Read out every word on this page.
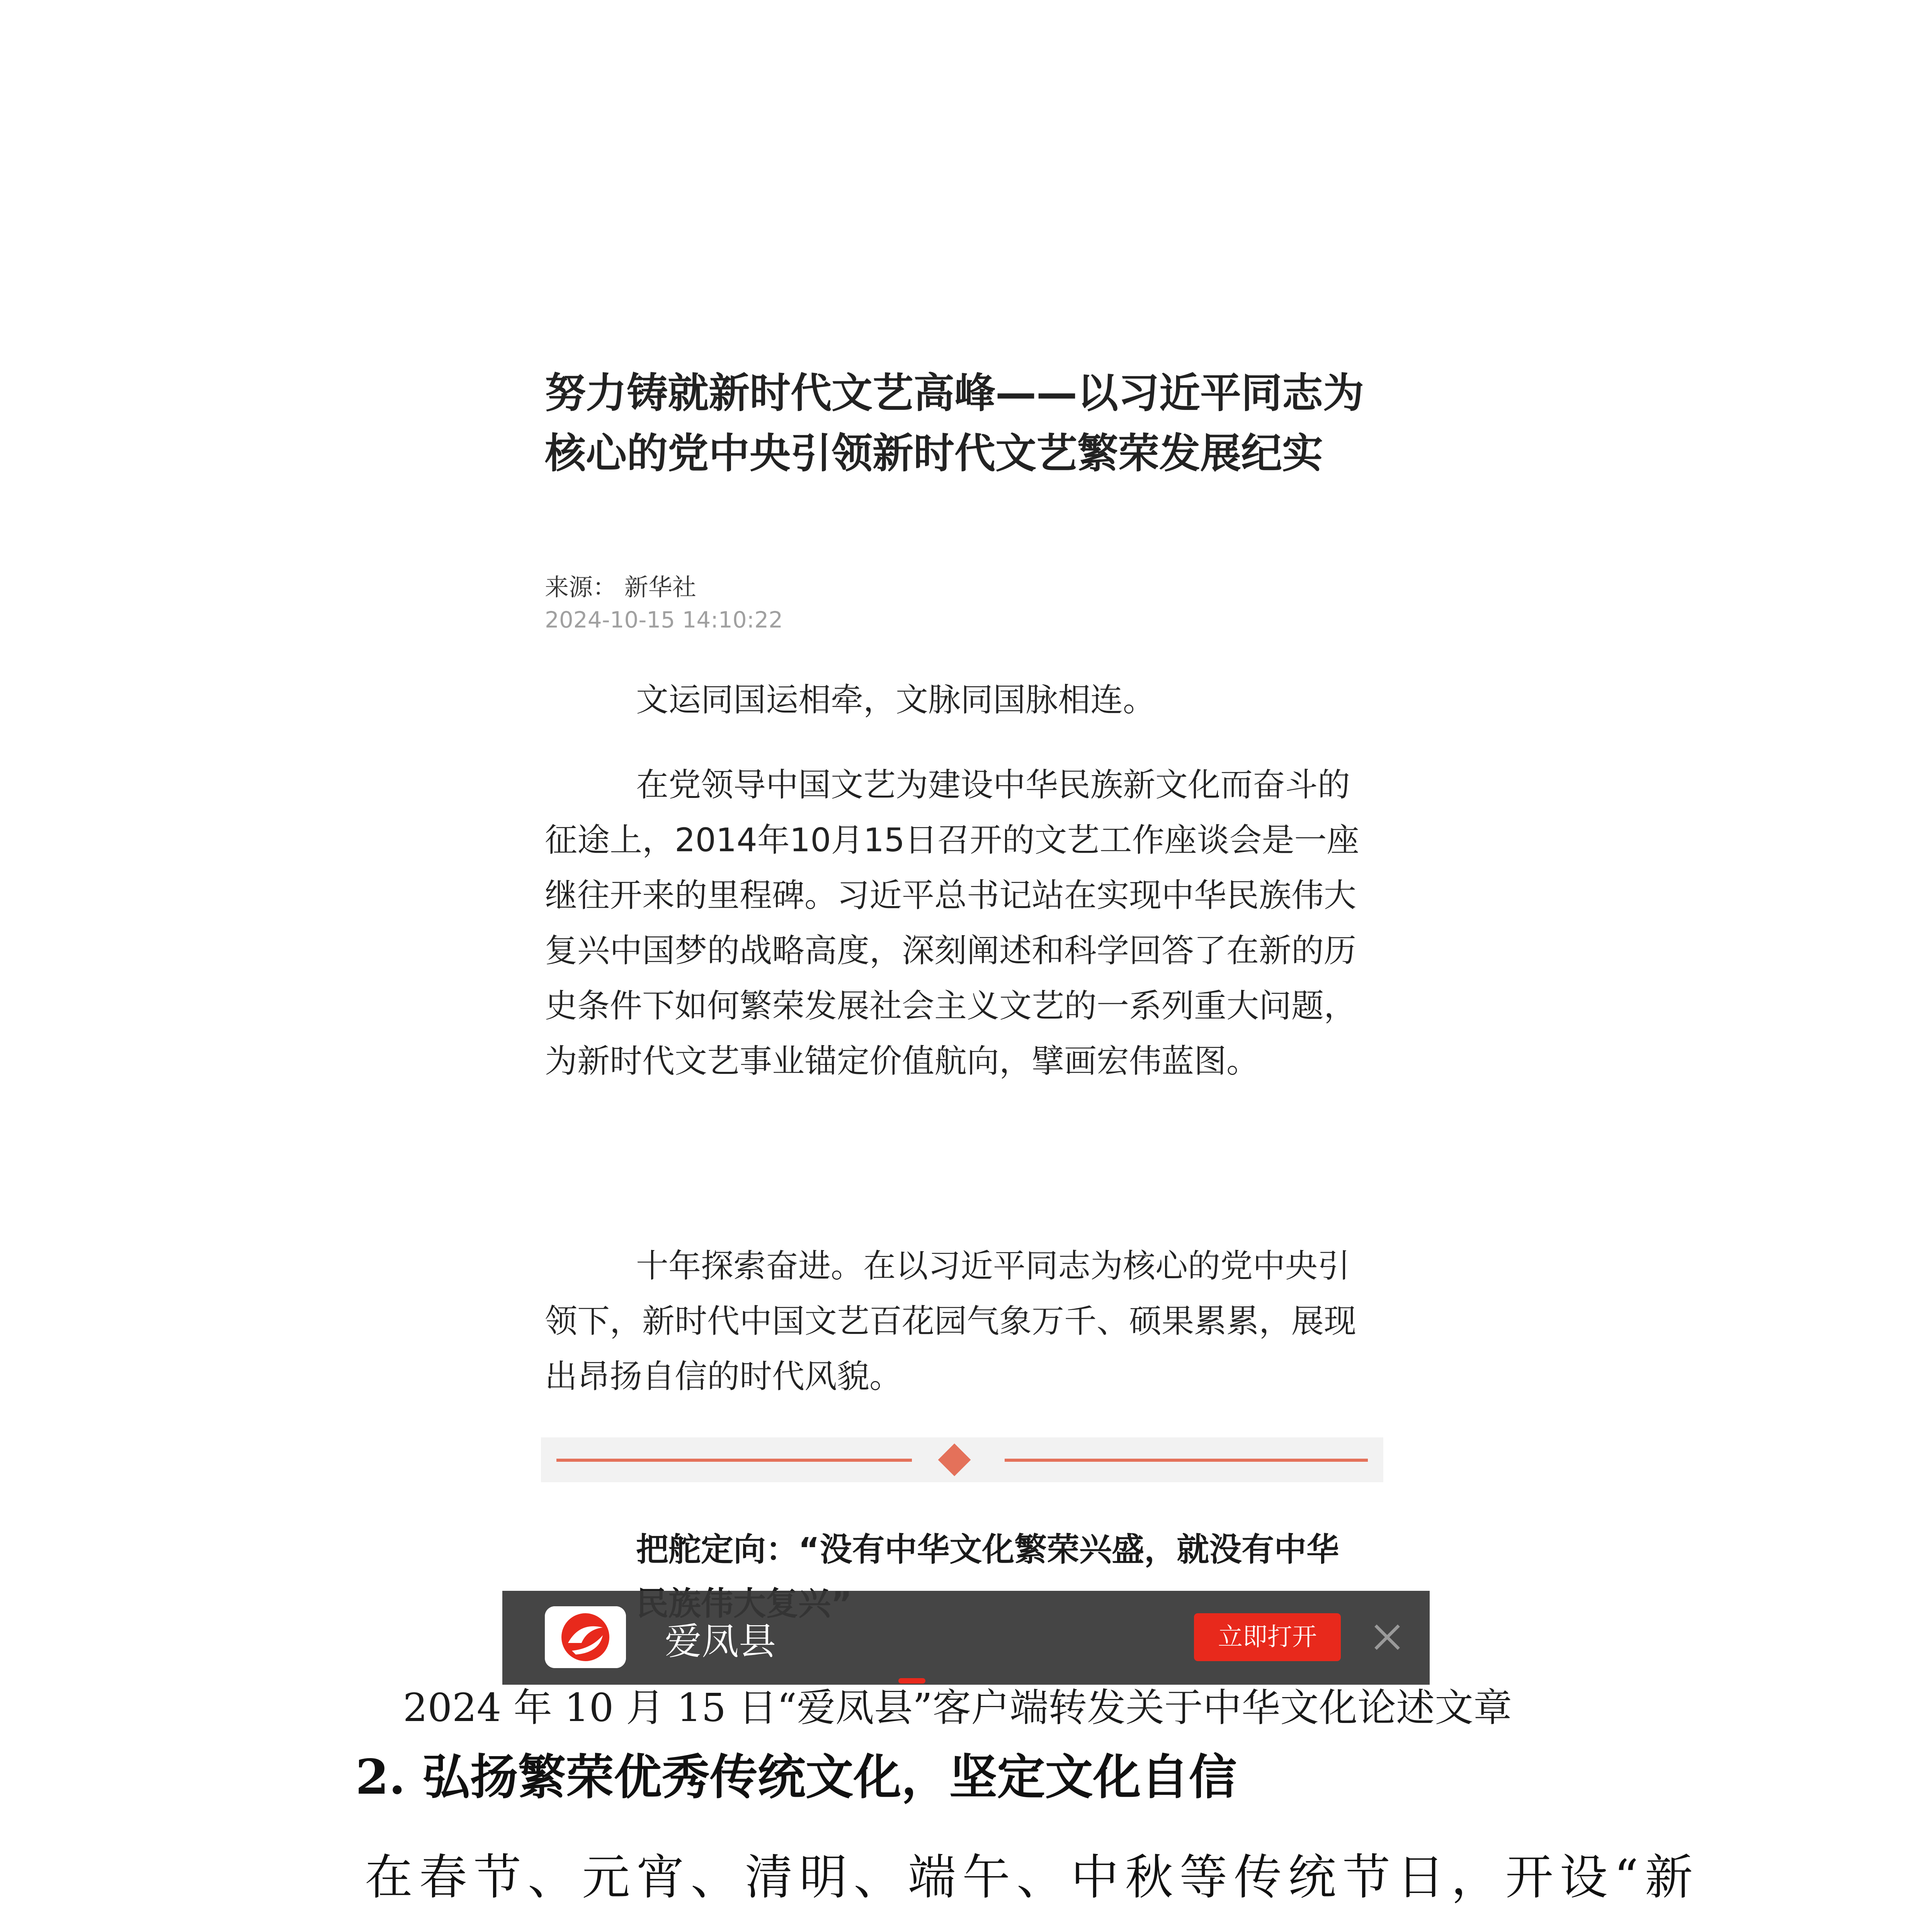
努力铸就新时代文艺高峰——以习近平同志为核心的党中央引领新时代文艺繁荣发展纪实
来源： 新华社
2024-10-15 14:10:22

文运同国运相牵，文脉同国脉相连。

在党领导中国文艺为建设中华民族新文化而奋斗的征途上，2014年10月15日召开的文艺工作座谈会是一座继往开来的里程碑。习近平总书记站在实现中华民族伟大复兴中国梦的战略高度，深刻阐述和科学回答了在新的历史条件下如何繁荣发展社会主义文艺的一系列重大问题，为新时代文艺事业锚定价值航向，擘画宏伟蓝图。

十年探索奋进。在以习近平同志为核心的党中央引领下，新时代中国文艺百花园气象万千、硕果累累，展现出昂扬自信的时代风貌。

把舵定向：“没有中华文化繁荣兴盛，就没有中华

爱凤县	立即打开
2024 年 10 月 15 日“爱凤县”客户端转发关于中华文化论述文章
2. 弘扬繁荣优秀传统文化，坚定文化自信

在春节、元宵、清明、端午、中秋等传统节日，开设“新
